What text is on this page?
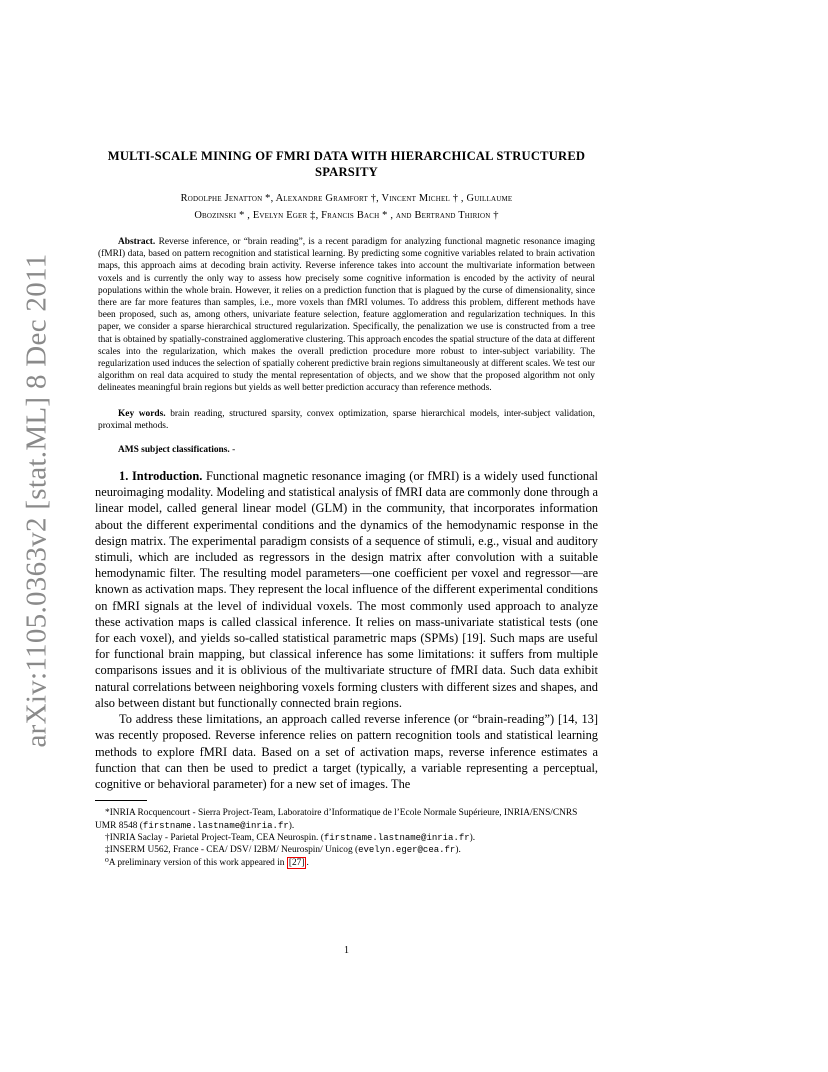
arXiv:1105.0363v2 [stat.ML] 8 Dec 2011
MULTI-SCALE MINING OF FMRI DATA WITH HIERARCHICAL STRUCTURED
SPARSITY
Rodolphe Jenatton *, Alexandre Gramfort †, Vincent Michel † , Guillaume
Obozinski * , Evelyn Eger ‡, Francis Bach * , and Bertrand Thirion †

Abstract. Reverse inference, or “brain reading”, is a recent paradigm for analyzing functional magnetic resonance imaging (fMRI) data, based on pattern recognition and statistical learning. By predicting some cognitive variables related to brain activation maps, this approach aims at decoding brain activity. Reverse inference takes into account the multivariate information between voxels and is currently the only way to assess how precisely some cognitive information is encoded by the activity of neural populations within the whole brain. However, it relies on a prediction function that is plagued by the curse of dimensionality, since there are far more features than samples, i.e., more voxels than fMRI volumes. To address this problem, different methods have been proposed, such as, among others, univariate feature selection, feature agglomeration and regularization techniques. In this paper, we consider a sparse hierarchical structured regularization. Specifically, the penalization we use is constructed from a tree that is obtained by spatially-constrained agglomerative clustering. This approach encodes the spatial structure of the data at different scales into the regularization, which makes the overall prediction procedure more robust to inter-subject variability. The regularization used induces the selection of spatially coherent predictive brain regions simultaneously at different scales. We test our algorithm on real data acquired to study the mental representation of objects, and we show that the proposed algorithm not only delineates meaningful brain regions but yields as well better prediction accuracy than reference methods.

Key words. brain reading, structured sparsity, convex optimization, sparse hierarchical models, inter-subject validation, proximal methods.

AMS subject classifications. -

1. Introduction. Functional magnetic resonance imaging (or fMRI) is a widely used functional neuroimaging modality. Modeling and statistical analysis of fMRI data are commonly done through a linear model, called general linear model (GLM) in the community, that incorporates information about the different experimental conditions and the dynamics of the hemodynamic response in the design matrix. The experimental paradigm consists of a sequence of stimuli, e.g., visual and auditory stimuli, which are included as regressors in the design matrix after convolution with a suitable hemodynamic filter. The resulting model parameters—one coefficient per voxel and regressor—are known as activation maps. They represent the local influence of the different experimental conditions on fMRI signals at the level of individual voxels. The most commonly used approach to analyze these activation maps is called classical inference. It relies on mass-univariate statistical tests (one for each voxel), and yields so-called statistical parametric maps (SPMs) [19]. Such maps are useful for functional brain mapping, but classical inference has some limitations: it suffers from multiple comparisons issues and it is oblivious of the multivariate structure of fMRI data. Such data exhibit natural correlations between neighboring voxels forming clusters with different sizes and shapes, and also between distant but functionally connected brain regions.

To address these limitations, an approach called reverse inference (or “brain-reading”) [14, 13] was recently proposed. Reverse inference relies on pattern recognition tools and statistical learning methods to explore fMRI data. Based on a set of activation maps, reverse inference estimates a function that can then be used to predict a target (typically, a variable representing a perceptual, cognitive or behavioral parameter) for a new set of images. The

*INRIA Rocquencourt - Sierra Project-Team, Laboratoire d’Informatique de l’Ecole Normale Supérieure, INRIA/ENS/CNRS UMR 8548 (firstname.lastname@inria.fr).

†INRIA Saclay - Parietal Project-Team, CEA Neurospin. (firstname.lastname@inria.fr).

‡INSERM U562, France - CEA/ DSV/ I2BM/ Neurospin/ Unicog (evelyn.eger@cea.fr).

⁰A preliminary version of this work appeared in [27] .

1
